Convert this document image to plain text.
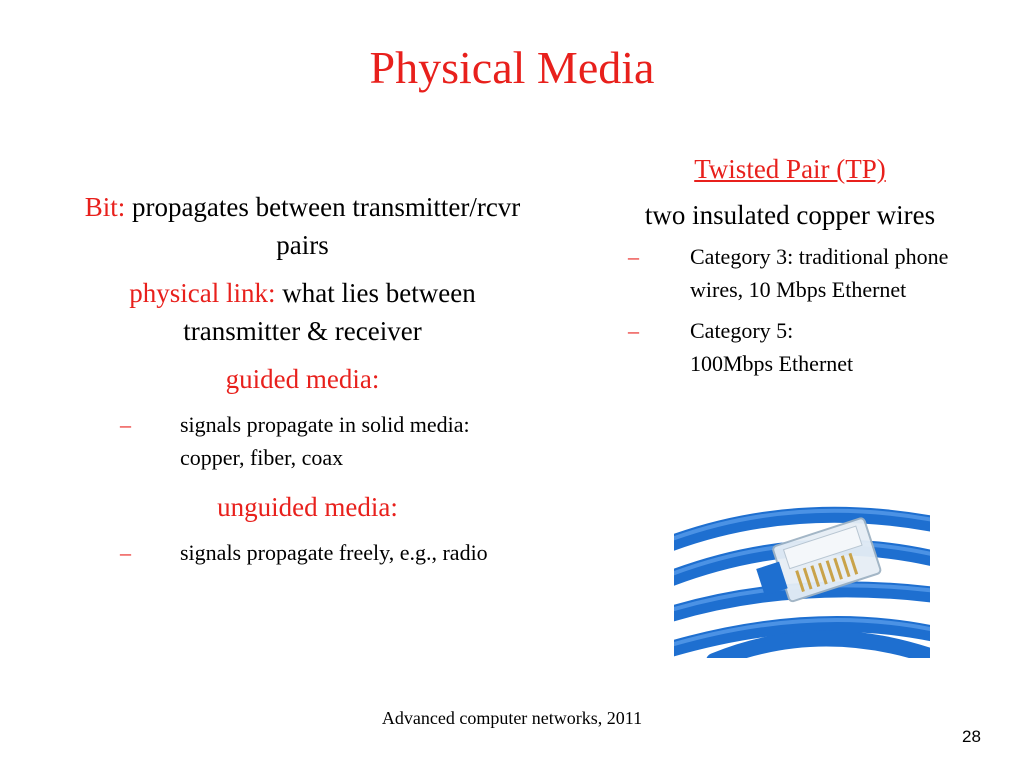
Physical Media
Bit: propagates between transmitter/rcvr pairs
physical link: what lies between transmitter & receiver
guided media:
– signals propagate in solid media: copper, fiber, coax
unguided media:
– signals propagate freely, e.g., radio
Twisted Pair (TP)
two insulated copper wires
– Category 3: traditional phone wires, 10 Mbps Ethernet
– Category 5: 100Mbps Ethernet
Advanced computer networks, 2011
28
